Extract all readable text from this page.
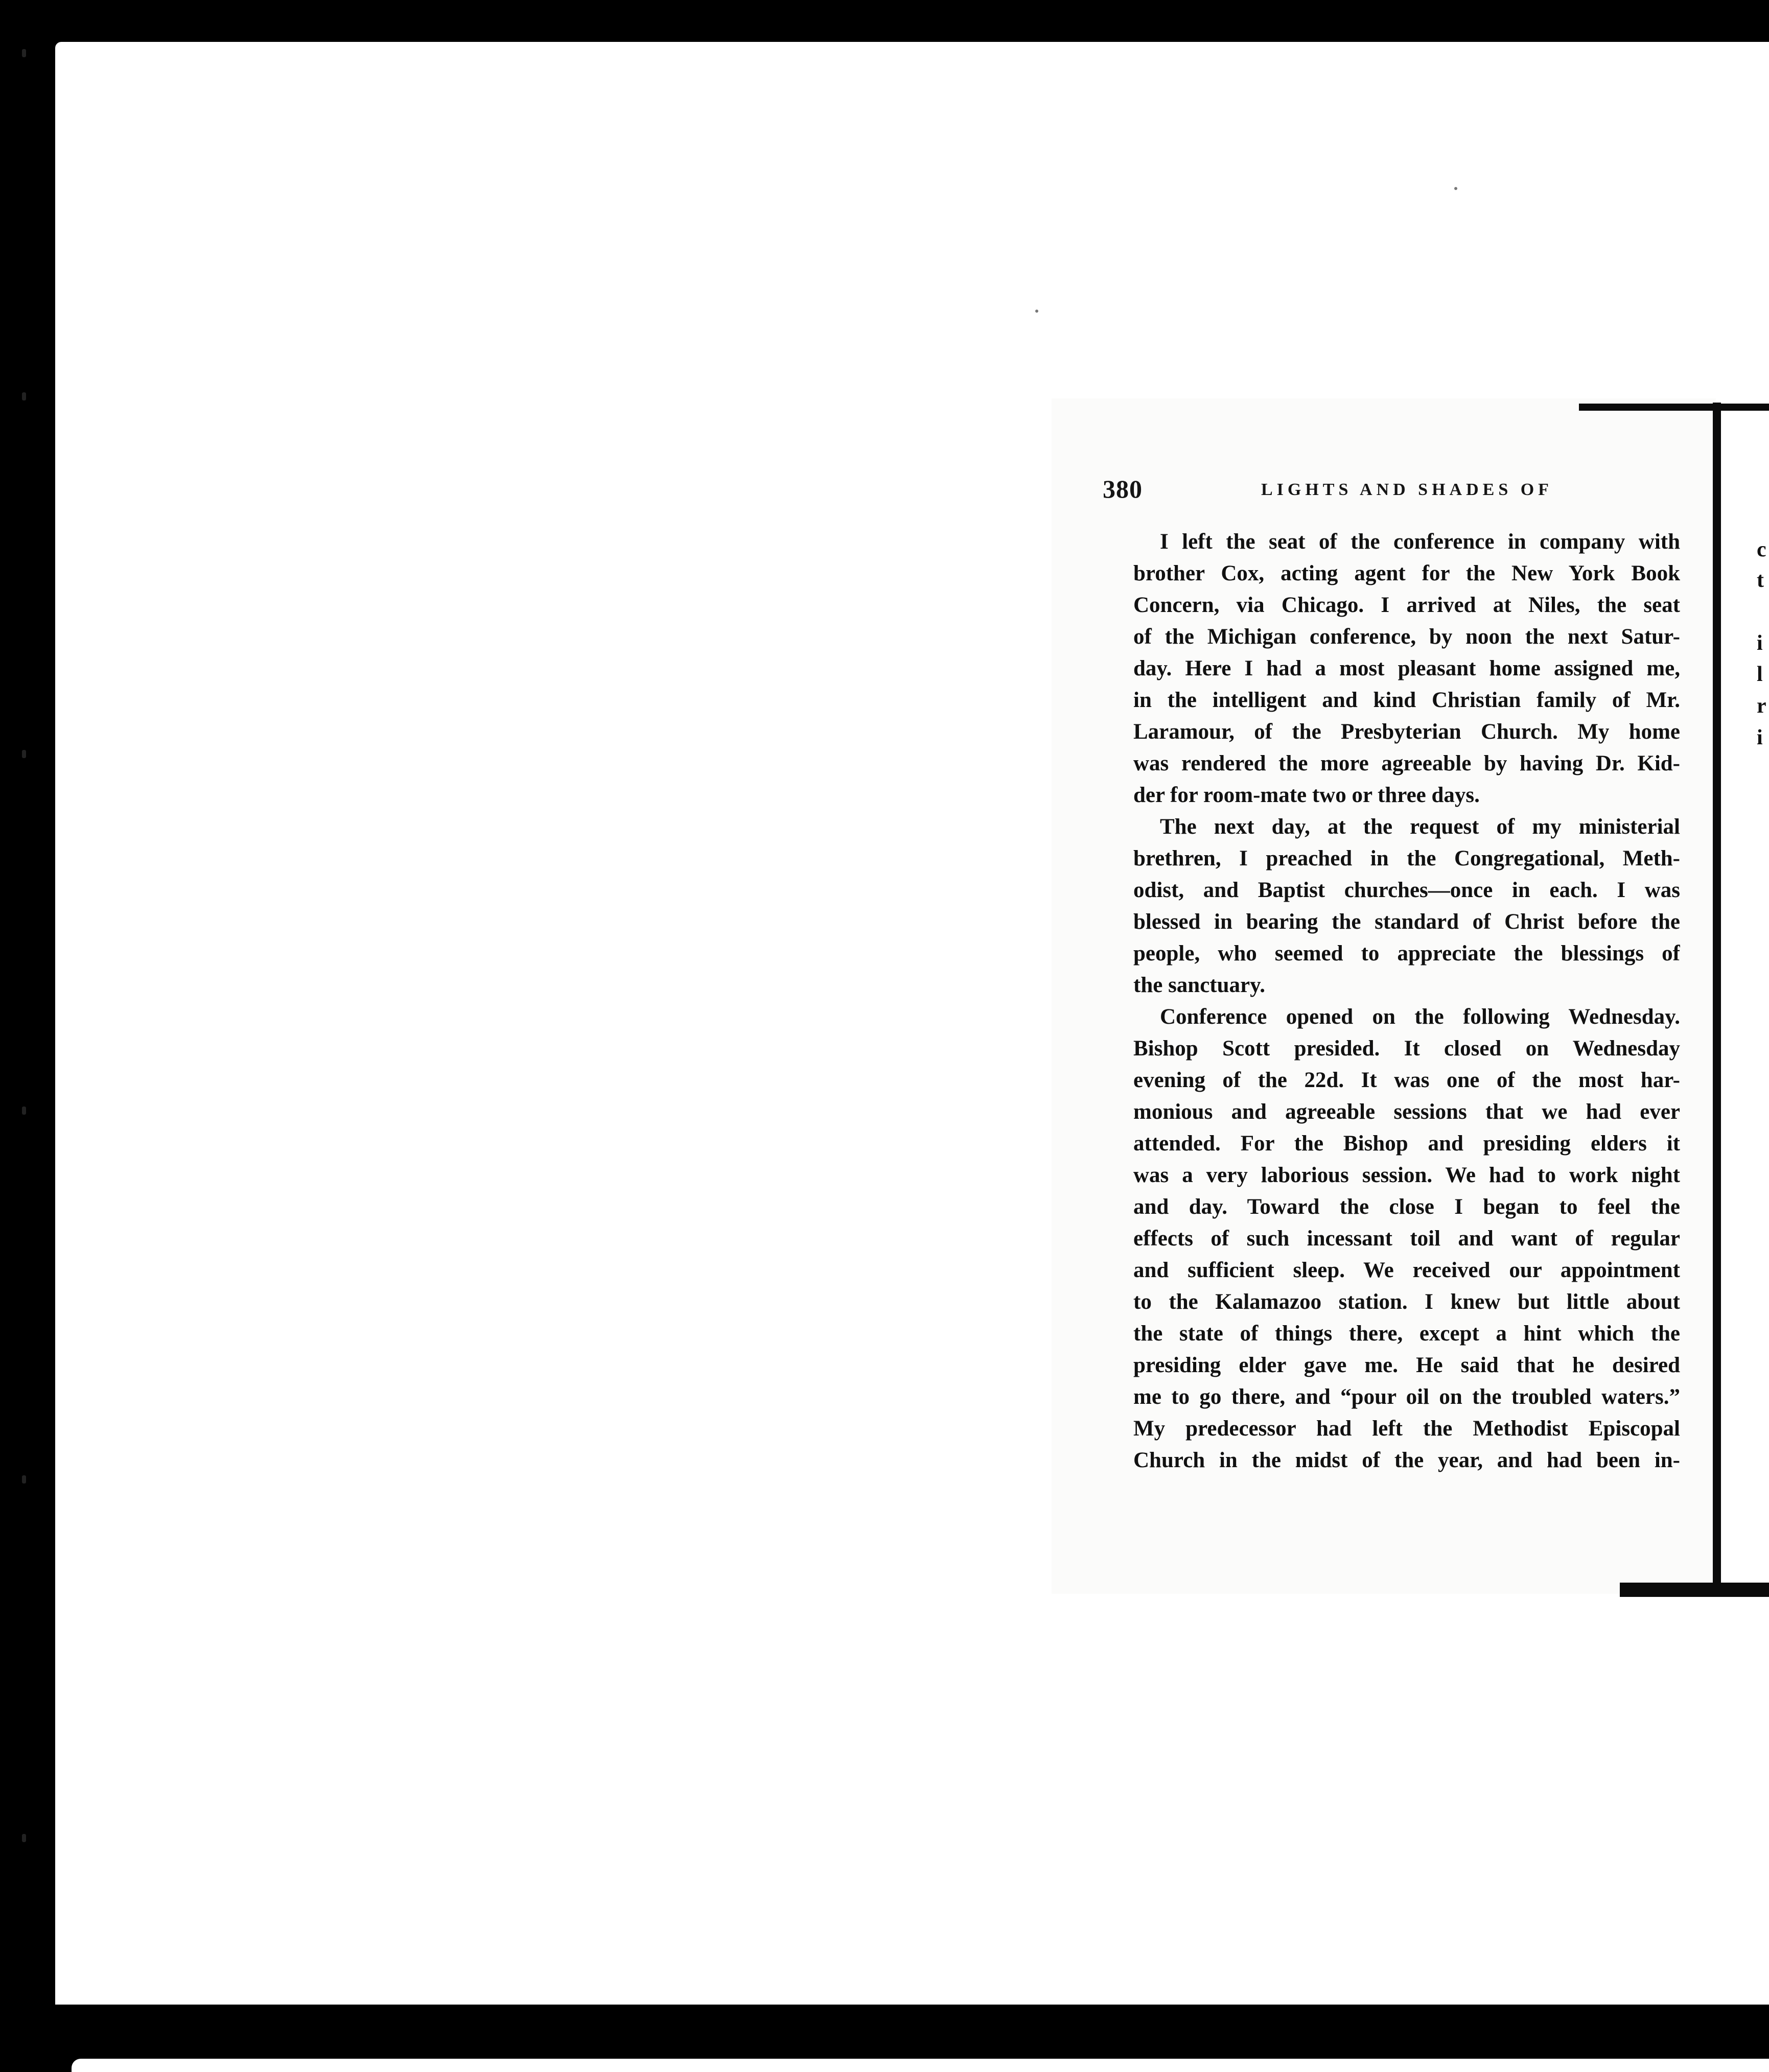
380	LIGHTS AND SHADES OF
I left the seat of the conference in company with
brother Cox, acting agent for the New York Book
Concern, via Chicago. I arrived at Niles, the seat
of the Michigan conference, by noon the next Satur-
day. Here I had a most pleasant home assigned me,
in the intelligent and kind Christian family of Mr.
Laramour, of the Presbyterian Church. My home
was rendered the more agreeable by having Dr. Kid-
der for room-mate two or three days.
The next day, at the request of my ministerial
brethren, I preached in the Congregational, Meth-
odist, and Baptist churches—once in each. I was
blessed in bearing the standard of Christ before the
people, who seemed to appreciate the blessings of
the sanctuary.
Conference opened on the following Wednesday.
Bishop Scott presided. It closed on Wednesday
evening of the 22d. It was one of the most har-
monious and agreeable sessions that we had ever
attended. For the Bishop and presiding elders it
was a very laborious session. We had to work night
and day. Toward the close I began to feel the
effects of such incessant toil and want of regular
and sufficient sleep. We received our appointment
to the Kalamazoo station. I knew but little about
the state of things there, except a hint which the
presiding elder gave me. He said that he desired
me to go there, and “pour oil on the troubled waters.”
My predecessor had left the Methodist Episcopal
Church in the midst of the year, and had been in-
c
t
i
l
r
i
